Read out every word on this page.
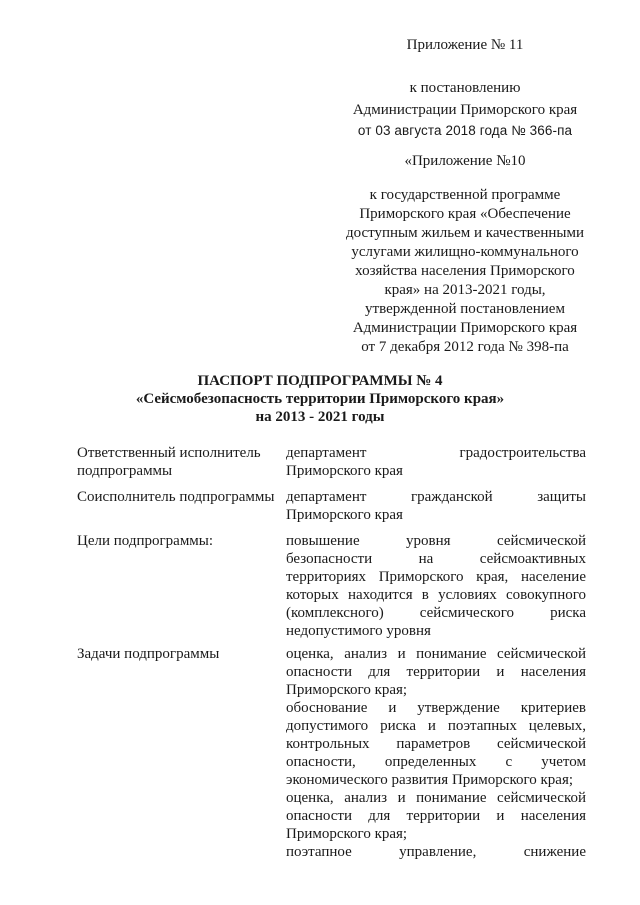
Приложение № 11
к постановлению
Администрации Приморского края
от 03 августа 2018 года № 366-па
«Приложение №10
к государственной программе
Приморского края «Обеспечение
доступным жильем и качественными
услугами жилищно-коммунального
хозяйства населения Приморского
края» на 2013-2021 годы,
утвержденной постановлением
Администрации Приморского края
от 7 декабря 2012 года № 398-па
ПАСПОРТ ПОДПРОГРАММЫ № 4
«Сейсмобезопасность территории Приморского края»
на 2013 - 2021 годы
Ответственный исполнитель
подпрограммы
департамент градостроительства
Приморского края
Соисполнитель подпрограммы департамент гражданской защиты
Приморского края
Цели подпрограммы:	повышение уровня сейсмической
безопасности на сейсмоактивных
территориях Приморского края, население
которых находится в условиях совокупного
(комплексного) сейсмического риска
недопустимого уровня
Задачи подпрограммы	оценка, анализ и понимание сейсмической
опасности для территории и населения
Приморского края;
обоснование и утверждение критериев
допустимого риска и поэтапных целевых,
контрольных параметров сейсмической
опасности, определенных с учетом
экономического развития Приморского края;
оценка, анализ и понимание сейсмической
опасности для территории и населения
Приморского края;
поэтапное управление, снижение
